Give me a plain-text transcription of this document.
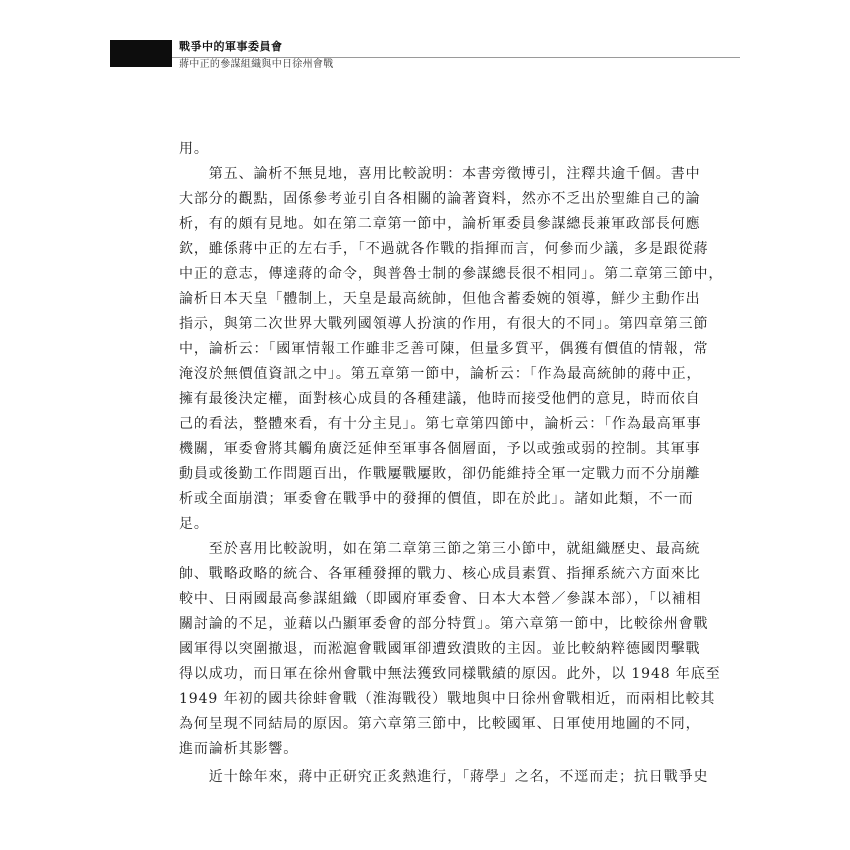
戰爭中的軍事委員會
蔣中正的參謀組織與中日徐州會戰
用。
　　第五、論析不無見地，喜用比較說明：本書旁徵博引，注釋共逾千個。書中
大部分的觀點，固係參考並引自各相關的論著資料，然亦不乏出於聖維自己的論
析，有的頗有見地。如在第二章第一節中，論析軍委員參謀總長兼軍政部長何應
欽，雖係蔣中正的左右手，「不過就各作戰的指揮而言，何參而少議，多是跟從蔣
中正的意志，傳達蔣的命令，與普魯士制的參謀總長很不相同」。第二章第三節中，
論析日本天皇「體制上，天皇是最高統帥，但他含蓄委婉的領導，鮮少主動作出
指示，與第二次世界大戰列國領導人扮演的作用，有很大的不同」。第四章第三節
中，論析云：「國軍情報工作雖非乏善可陳，但量多質平，偶獲有價值的情報，常
淹沒於無價值資訊之中」。第五章第一節中，論析云：「作為最高統帥的蔣中正，
擁有最後決定權，面對核心成員的各種建議，他時而接受他們的意見，時而依自
己的看法，整體來看，有十分主見」。第七章第四節中，論析云：「作為最高軍事
機關，軍委會將其觸角廣泛延伸至軍事各個層面，予以或強或弱的控制。其軍事
動員或後勤工作問題百出，作戰屢戰屢敗，卻仍能維持全軍一定戰力而不分崩離
析或全面崩潰；軍委會在戰爭中的發揮的價值，即在於此」。諸如此類，不一而
足。
　　至於喜用比較說明，如在第二章第三節之第三小節中，就組織歷史、最高統
帥、戰略政略的統合、各軍種發揮的戰力、核心成員素質、指揮系統六方面來比
較中、日兩國最高參謀組織（即國府軍委會、日本大本營／參謀本部），「以補相
關討論的不足，並藉以凸顯軍委會的部分特質」。第六章第一節中，比較徐州會戰
國軍得以突圍撤退，而淞滬會戰國軍卻遭致潰敗的主因。並比較納粹德國閃擊戰
得以成功，而日軍在徐州會戰中無法獲致同樣戰績的原因。此外，以 1948 年底至
1949 年初的國共徐蚌會戰（淮海戰役）戰地與中日徐州會戰相近，而兩相比較其
為何呈現不同結局的原因。第六章第三節中，比較國軍、日軍使用地圖的不同，
進而論析其影響。
　　近十餘年來，蔣中正研究正炙熱進行，「蔣學」之名，不逕而走；抗日戰爭史
